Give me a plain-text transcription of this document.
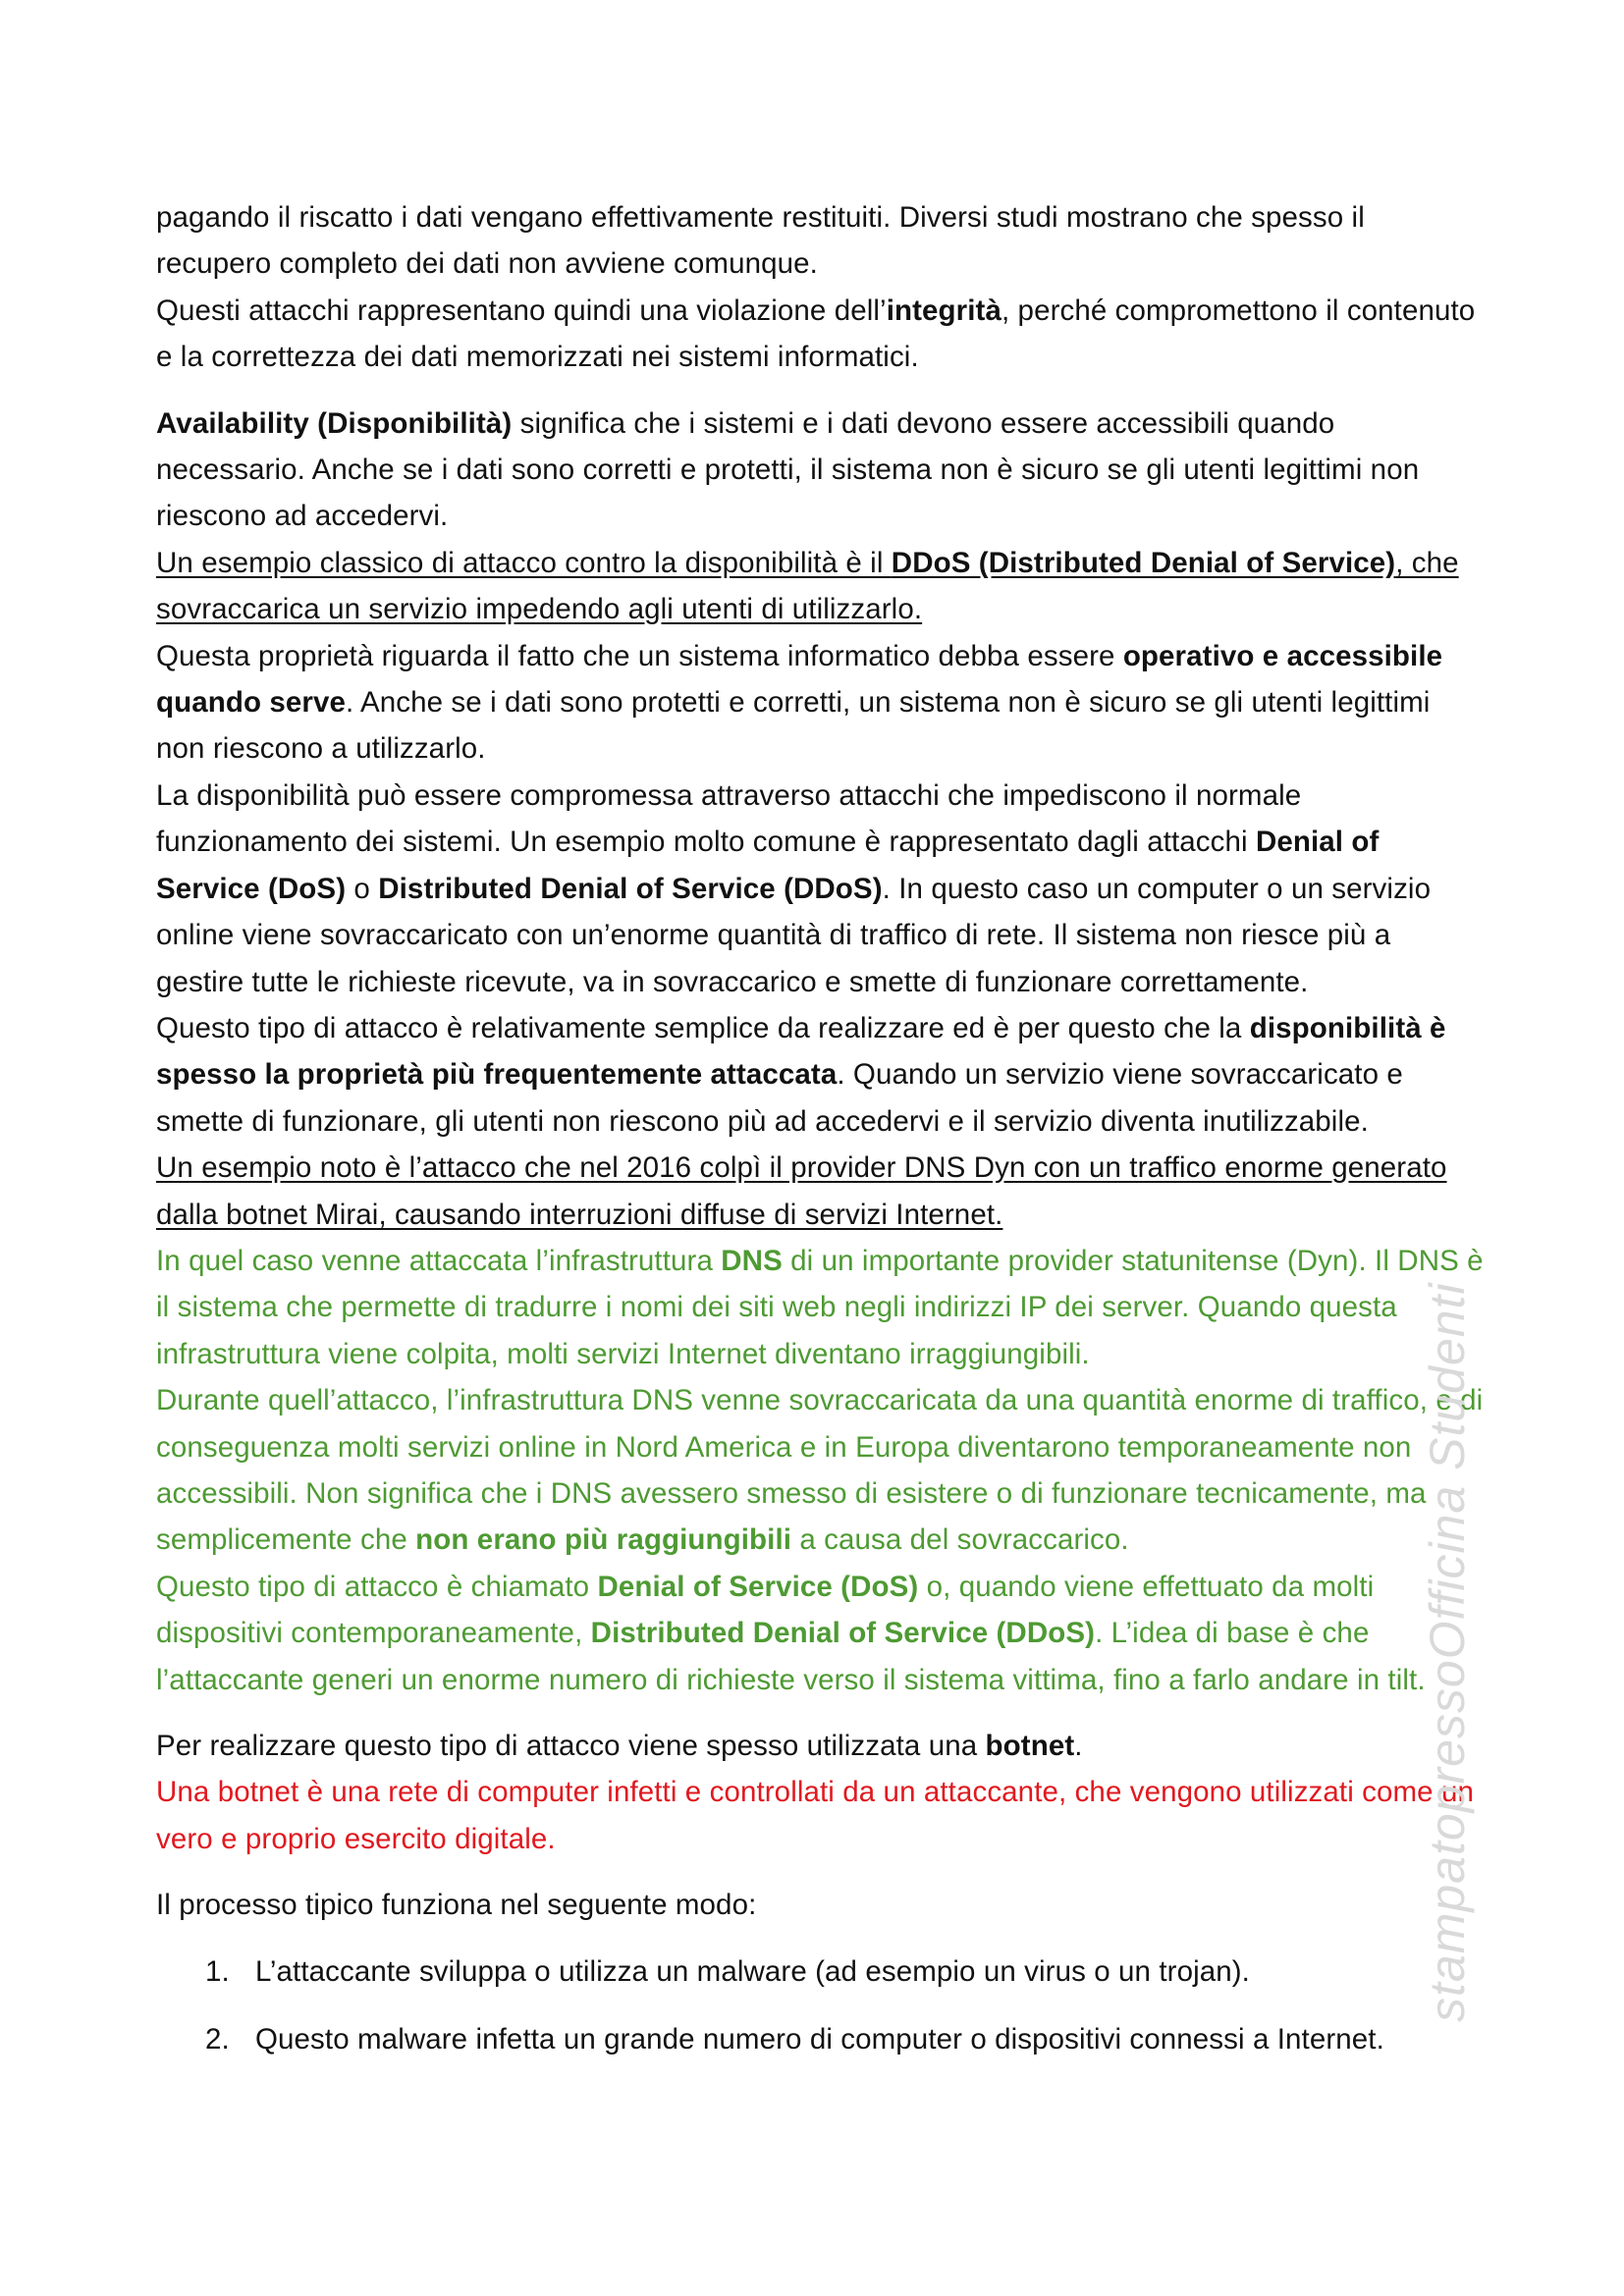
pagando il riscatto i dati vengano effettivamente restituiti. Diversi studi mostrano che spesso il recupero completo dei dati non avviene comunque.

Questi attacchi rappresentano quindi una violazione dell’integrità, perché compromettono il contenuto e la correttezza dei dati memorizzati nei sistemi informatici.

Availability (Disponibilità) significa che i sistemi e i dati devono essere accessibili quando necessario. Anche se i dati sono corretti e protetti, il sistema non è sicuro se gli utenti legittimi non riescono ad accedervi.

Un esempio classico di attacco contro la disponibilità è il DDoS (Distributed Denial of Service), che sovraccarica un servizio impedendo agli utenti di utilizzarlo.

Questa proprietà riguarda il fatto che un sistema informatico debba essere operativo e accessibile quando serve. Anche se i dati sono protetti e corretti, un sistema non è sicuro se gli utenti legittimi non riescono a utilizzarlo.

La disponibilità può essere compromessa attraverso attacchi che impediscono il normale funzionamento dei sistemi. Un esempio molto comune è rappresentato dagli attacchi Denial of Service (DoS) o Distributed Denial of Service (DDoS). In questo caso un computer o un servizio online viene sovraccaricato con un’enorme quantità di traffico di rete. Il sistema non riesce più a gestire tutte le richieste ricevute, va in sovraccarico e smette di funzionare correttamente.

Questo tipo di attacco è relativamente semplice da realizzare ed è per questo che la disponibilità è spesso la proprietà più frequentemente attaccata. Quando un servizio viene sovraccaricato e smette di funzionare, gli utenti non riescono più ad accedervi e il servizio diventa inutilizzabile.

Un esempio noto è l’attacco che nel 2016 colpì il provider DNS Dyn con un traffico enorme generato dalla botnet Mirai, causando interruzioni diffuse di servizi Internet.

In quel caso venne attaccata l’infrastruttura DNS di un importante provider statunitense (Dyn). Il DNS è il sistema che permette di tradurre i nomi dei siti web negli indirizzi IP dei server. Quando questa infrastruttura viene colpita, molti servizi Internet diventano irraggiungibili.

Durante quell’attacco, l’infrastruttura DNS venne sovraccaricata da una quantità enorme di traffico, e di conseguenza molti servizi online in Nord America e in Europa diventarono temporaneamente non accessibili. Non significa che i DNS avessero smesso di esistere o di funzionare tecnicamente, ma semplicemente che non erano più raggiungibili a causa del sovraccarico.

Questo tipo di attacco è chiamato Denial of Service (DoS) o, quando viene effettuato da molti dispositivi contemporaneamente, Distributed Denial of Service (DDoS). L’idea di base è che l’attaccante generi un enorme numero di richieste verso il sistema vittima, fino a farlo andare in tilt.

Per realizzare questo tipo di attacco viene spesso utilizzata una botnet.

Una botnet è una rete di computer infetti e controllati da un attaccante, che vengono utilizzati come un vero e proprio esercito digitale.

Il processo tipico funziona nel seguente modo:

1. L’attaccante sviluppa o utilizza un malware (ad esempio un virus o un trojan).
2. Questo malware infetta un grande numero di computer o dispositivi connessi a Internet.
stampatopressoOfficina Studenti
